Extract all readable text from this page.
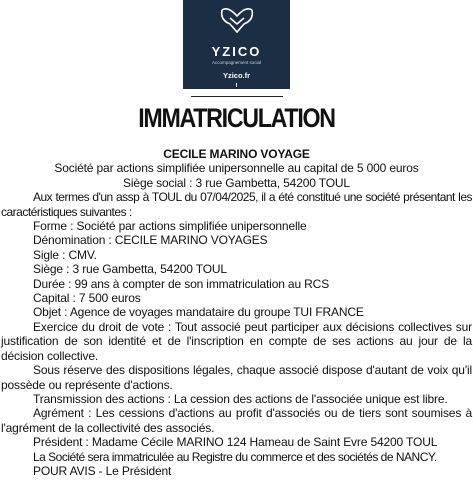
YZICO
Accompagnement social
Yzico.fr
IMMATRICULATION
CECILE MARINO VOYAGE
Société par actions simplifiée unipersonnelle au capital de 5 000 euros
Siège social : 3 rue Gambetta, 54200 TOUL

Aux termes d'un assp à TOUL du 07/04/2025, il a été constitué une société présentant les caractéristiques suivantes :

Forme : Société par actions simplifiée unipersonnelle

Dénomination : CECILE MARINO VOYAGES

Sigle : CMV.

Siège : 3 rue Gambetta, 54200 TOUL

Durée : 99 ans à compter de son immatriculation au RCS

Capital : 7 500 euros

Objet : Agence de voyages mandataire du groupe TUI FRANCE

Exercice du droit de vote : Tout associé peut participer aux décisions collectives sur justification de son identité et de l'inscription en compte de ses actions au jour de la décision collective.

Sous réserve des dispositions légales, chaque associé dispose d'autant de voix qu'il possède ou représente d'actions.

Transmission des actions : La cession des actions de l'associée unique est libre.

Agrément : Les cessions d'actions au profit d'associés ou de tiers sont soumises à l'agrément de la collectivité des associés.

Président : Madame Cécile MARINO 124 Hameau de Saint Evre 54200 TOUL

La Société sera immatriculée au Registre du commerce et des sociétés de NANCY.

POUR AVIS - Le Président
